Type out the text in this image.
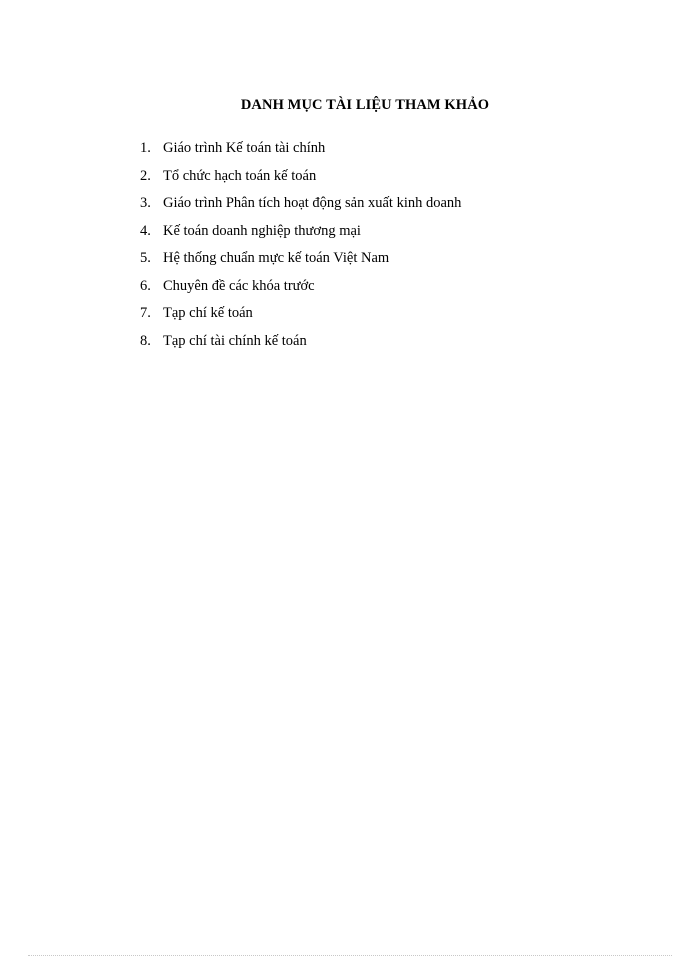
DANH MỤC TÀI LIỆU THAM KHẢO
1. Giáo trình Kế toán tài chính
2. Tổ chức hạch toán kế toán
3. Giáo trình Phân tích hoạt động sản xuất kinh doanh
4. Kế toán doanh nghiệp thương mại
5. Hệ thống chuẩn mực kế toán Việt Nam
6. Chuyên đề các khóa trước
7. Tạp chí kế toán
8. Tạp chí tài chính kế toán
